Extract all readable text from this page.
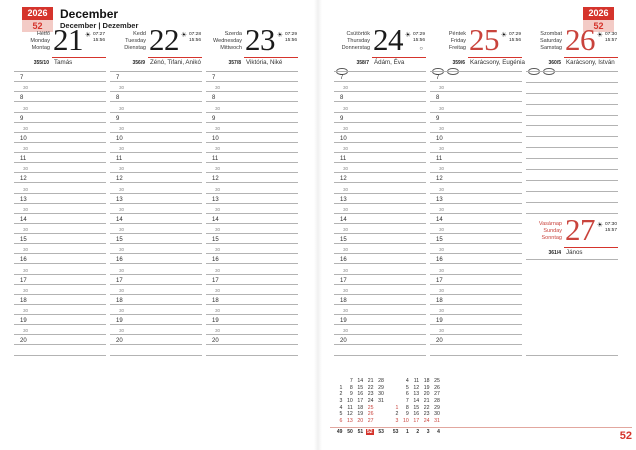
2026
52
December
December | Dezember
2026
52
Hétfő
Monday
Montag 21 ☀ 07:27
15:56
355/10 Tamás
Kedd
Tuesday
Dienstag 22 ☀ 07:28
15:56
356/9 Zénó, Tifani, Anikó
Szerda
Wednesday
Mittwoch 23 ☀ 07:29
15:56
357/8 Viktória, Niké
Csütörtök
Thursday
Donnerstag 24 ☀ 07:29
15:56
○
358/7 Ádám, Éva
Péntek
Friday
Freitag 25 ☀ 07:29
15:56
359/6 Karácsony, Eugénia
Szombat
Saturday
Samstag 26 ☀ 07:30
15:57
360/5 Karácsony, István
Vasárnap
Sunday
Sonntag 27 ☀ 07:30
15:57
361/4 János
7
30
8
30
9
30
10
30
11
30
12
30
13
30
14
30
15
30
16
30
17
30
18
30
19
30
20
7
30
8
30
9
30
10
30
11
30
12
30
13
30
14
30
15
30
16
30
17
30
18
30
19
30
20
7
30
8
30
9
30
10
30
11
30
12
30
13
30
14
30
15
30
16
30
17
30
18
30
19
30
20
7
30
8
30
9
30
10
30
11
30
12
30
13
30
14
30
15
30
16
30
17
30
18
30
19
30
20
7
30
8
30
9
30
10
30
11
30
12
30
13
30
14
30
15
30
16
30
17
30
18
30
19
30
20
7 14 21 28
1 8 15 22 29
2 9 16 23 30
3 10 17 24 31
4 11 18 25
5 12 19 26
6 13 20 27
4 11 18 25
5 12 19 26
6 13 20 27
7 14 21 28
1 8 15 22 29
2 9 16 23 30
3 10 17 24 31
49 50 51 52 53	53 1 2 3 4	52
